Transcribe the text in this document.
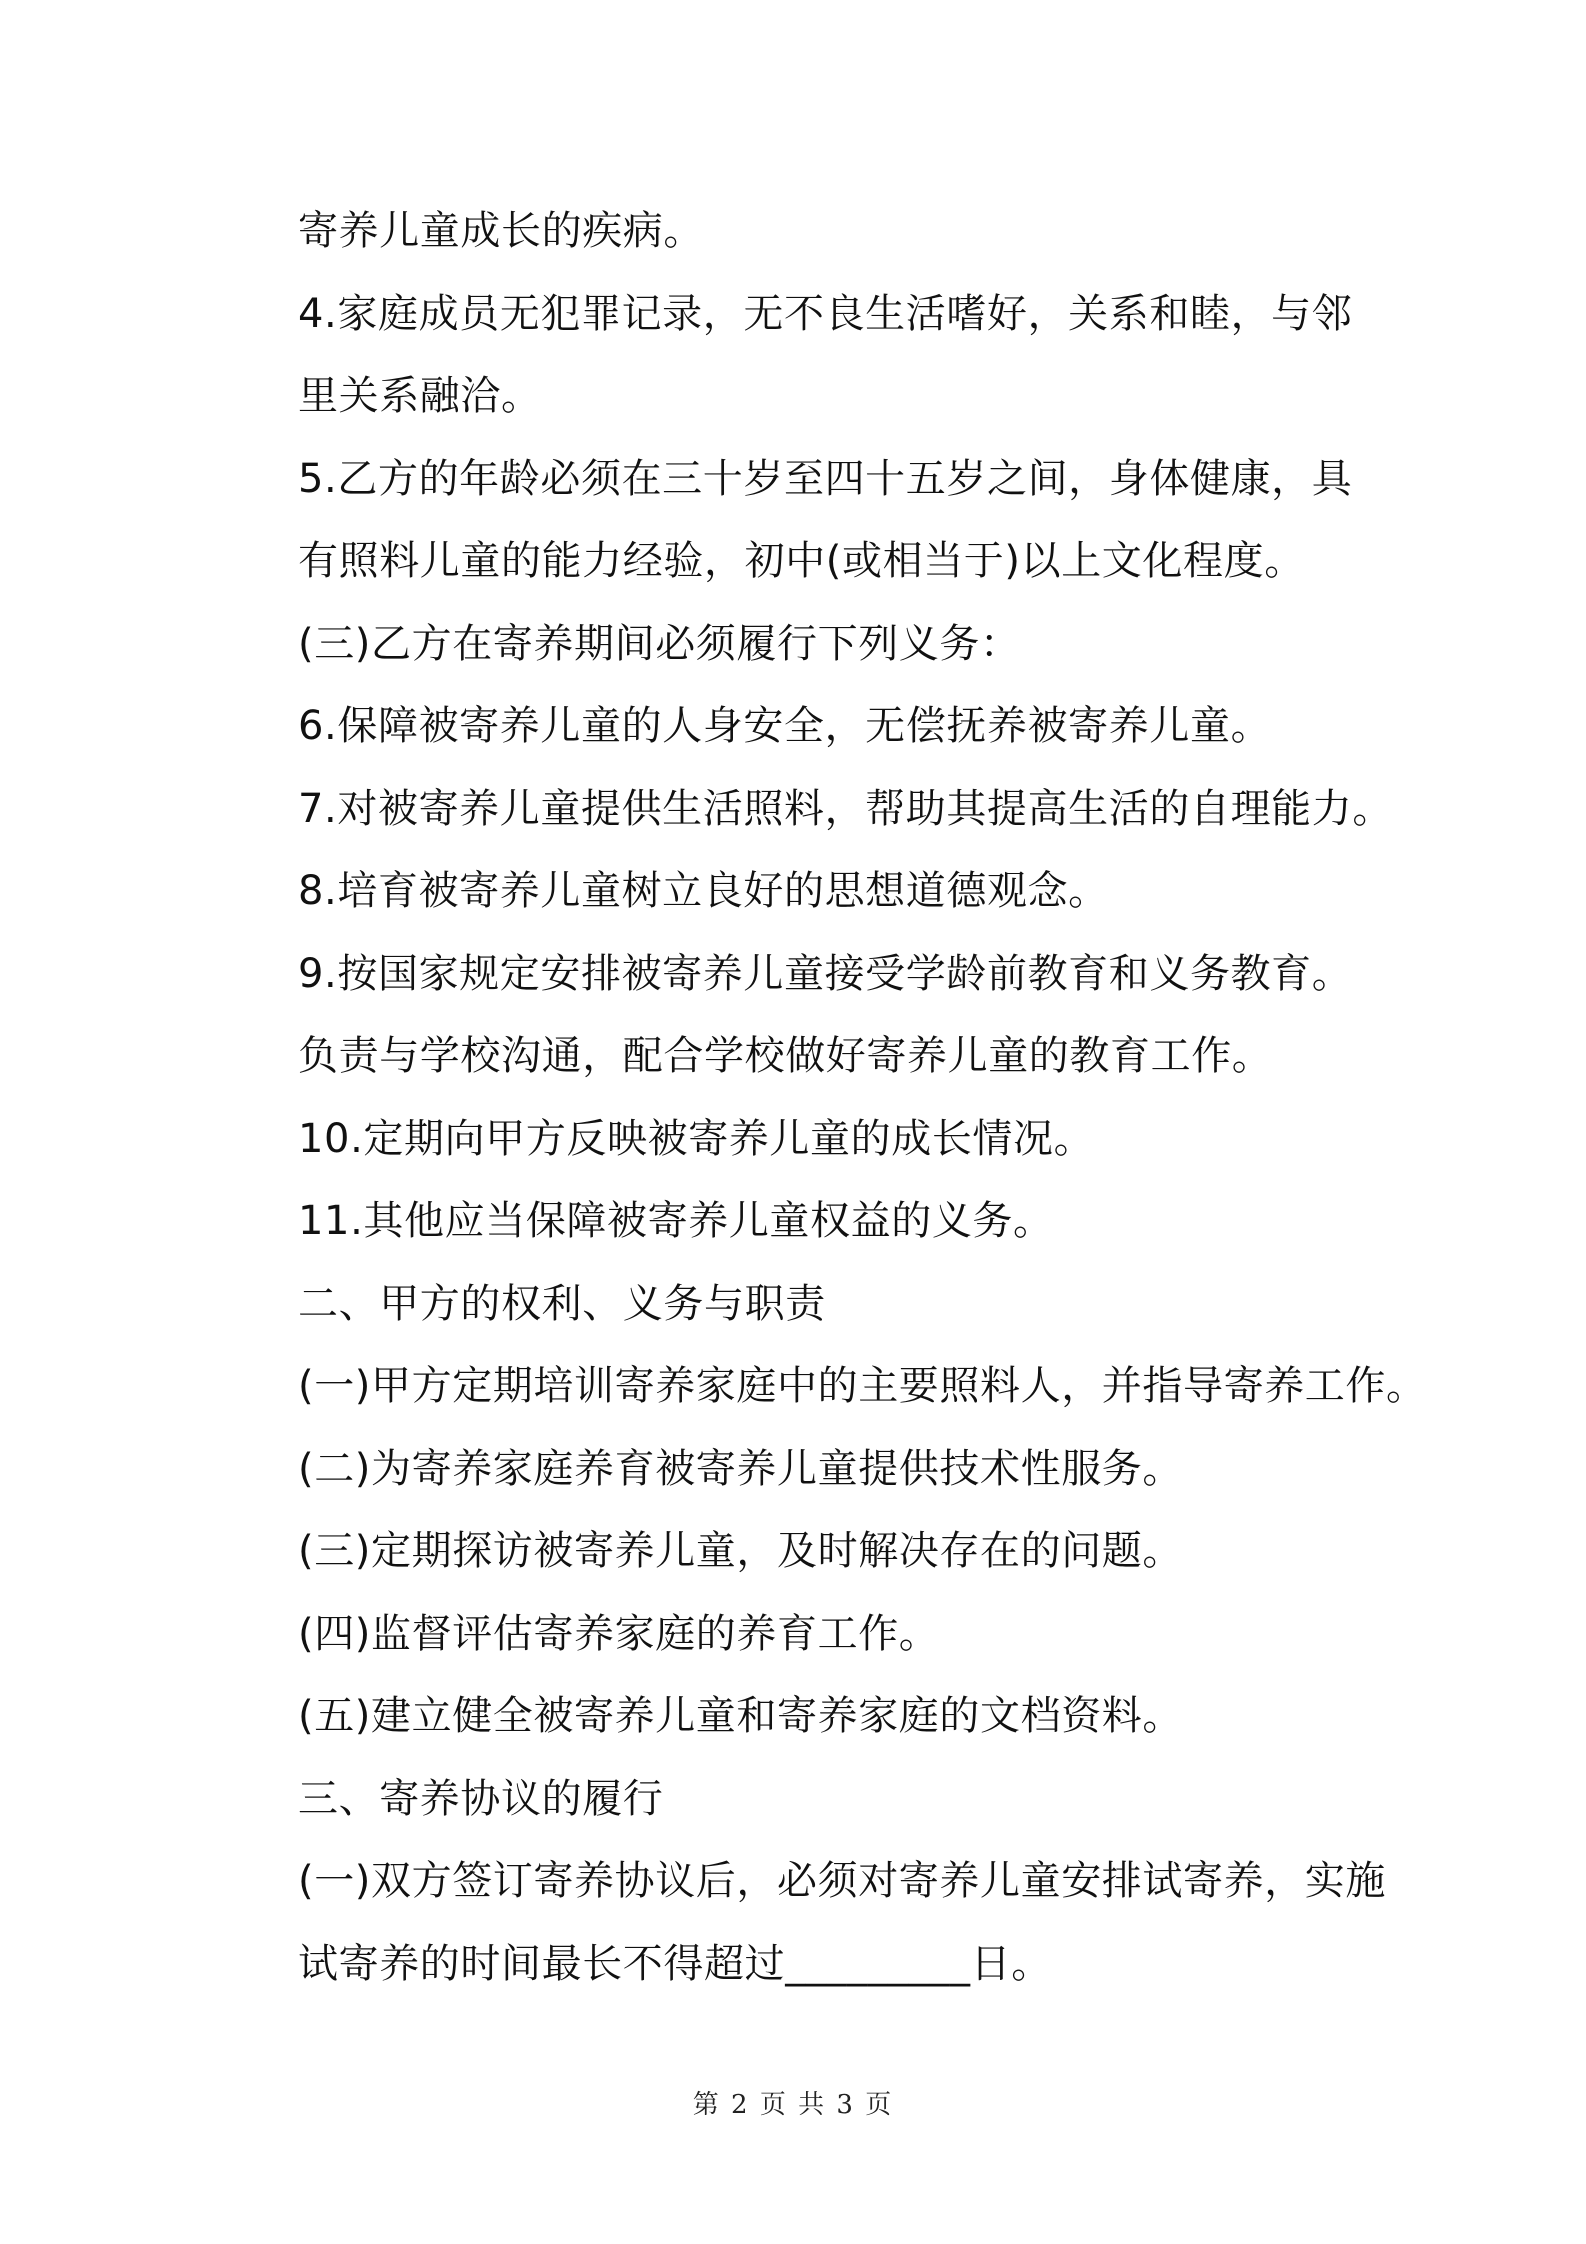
寄养儿童成长的疾病。
4.家庭成员无犯罪记录，无不良生活嗜好，关系和睦，与邻
里关系融洽。
5.乙方的年龄必须在三十岁至四十五岁之间，身体健康，具
有照料儿童的能力经验，初中(或相当于)以上文化程度。
(三)乙方在寄养期间必须履行下列义务：
6.保障被寄养儿童的人身安全，无偿抚养被寄养儿童。
7.对被寄养儿童提供生活照料，帮助其提高生活的自理能力。
8.培育被寄养儿童树立良好的思想道德观念。
9.按国家规定安排被寄养儿童接受学龄前教育和义务教育。
负责与学校沟通，配合学校做好寄养儿童的教育工作。
10.定期向甲方反映被寄养儿童的成长情况。
11.其他应当保障被寄养儿童权益的义务。
二、甲方的权利、义务与职责
(一)甲方定期培训寄养家庭中的主要照料人，并指导寄养工作。
(二)为寄养家庭养育被寄养儿童提供技术性服务。
(三)定期探访被寄养儿童，及时解决存在的问题。
(四)监督评估寄养家庭的养育工作。
(五)建立健全被寄养儿童和寄养家庭的文档资料。
三、寄养协议的履行
(一)双方签订寄养协议后，必须对寄养儿童安排试寄养，实施
试寄养的时间最长不得超过_________日。
第 2 页 共 3 页
